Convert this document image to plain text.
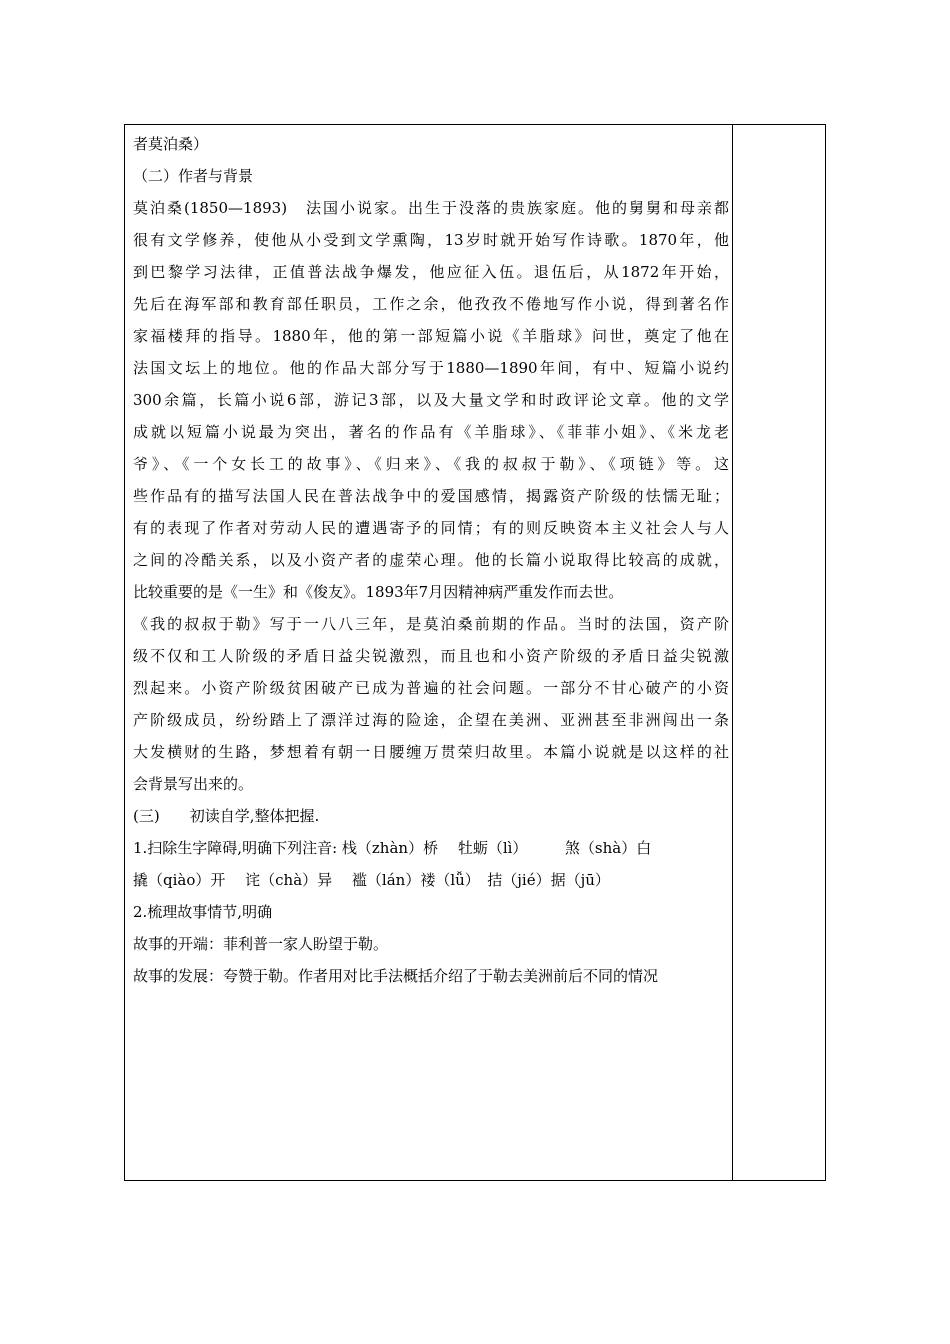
者莫泊桑）
（二）作者与背景
莫泊桑(1850—1893)　法国小说家。出生于没落的贵族家庭。他的舅舅和母亲都
很有文学修养，使他从小受到文学熏陶，13岁时就开始写作诗歌。1870年，他
到巴黎学习法律，正值普法战争爆发，他应征入伍。退伍后，从1872年开始，
先后在海军部和教育部任职员，工作之余，他孜孜不倦地写作小说，得到著名作
家福楼拜的指导。1880年，他的第一部短篇小说《羊脂球》问世，奠定了他在
法国文坛上的地位。他的作品大部分写于1880—1890年间，有中、短篇小说约
300余篇，长篇小说6部，游记3部，以及大量文学和时政评论文章。他的文学
成就以短篇小说最为突出，著名的作品有《羊脂球》、《菲菲小姐》、《米龙老
爷》、《一个女长工的故事》、《归来》、《我的叔叔于勒》、《项链》等。这
些作品有的描写法国人民在普法战争中的爱国感情，揭露资产阶级的怯懦无耻；
有的表现了作者对劳动人民的遭遇寄予的同情；有的则反映资本主义社会人与人
之间的冷酷关系，以及小资产者的虚荣心理。他的长篇小说取得比较高的成就，
比较重要的是《一生》和《俊友》。1893年7月因精神病严重发作而去世。
《我的叔叔于勒》写于一八八三年，是莫泊桑前期的作品。当时的法国，资产阶
级不仅和工人阶级的矛盾日益尖锐激烈，而且也和小资产阶级的矛盾日益尖锐激
烈起来。小资产阶级贫困破产已成为普遍的社会问题。一部分不甘心破产的小资
产阶级成员，纷纷踏上了漂洋过海的险途，企望在美洲、亚洲甚至非洲闯出一条
大发横财的生路，梦想着有朝一日腰缠万贯荣归故里。本篇小说就是以这样的社
会背景写出来的。
(三)　　初读自学,整体把握.
1.扫除生字障碍,明确下列注音: 栈（zhàn）桥　 牡蛎（lì）　　　煞（shà）白
撬（qiào）开　 诧（chà）异　 褴（lán）褛（lǚ）　拮（jié）据（jū）
2.梳理故事情节,明确
故事的开端：菲利普一家人盼望于勒。
故事的发展：夸赞于勒。作者用对比手法概括介绍了于勒去美洲前后不同的情况
